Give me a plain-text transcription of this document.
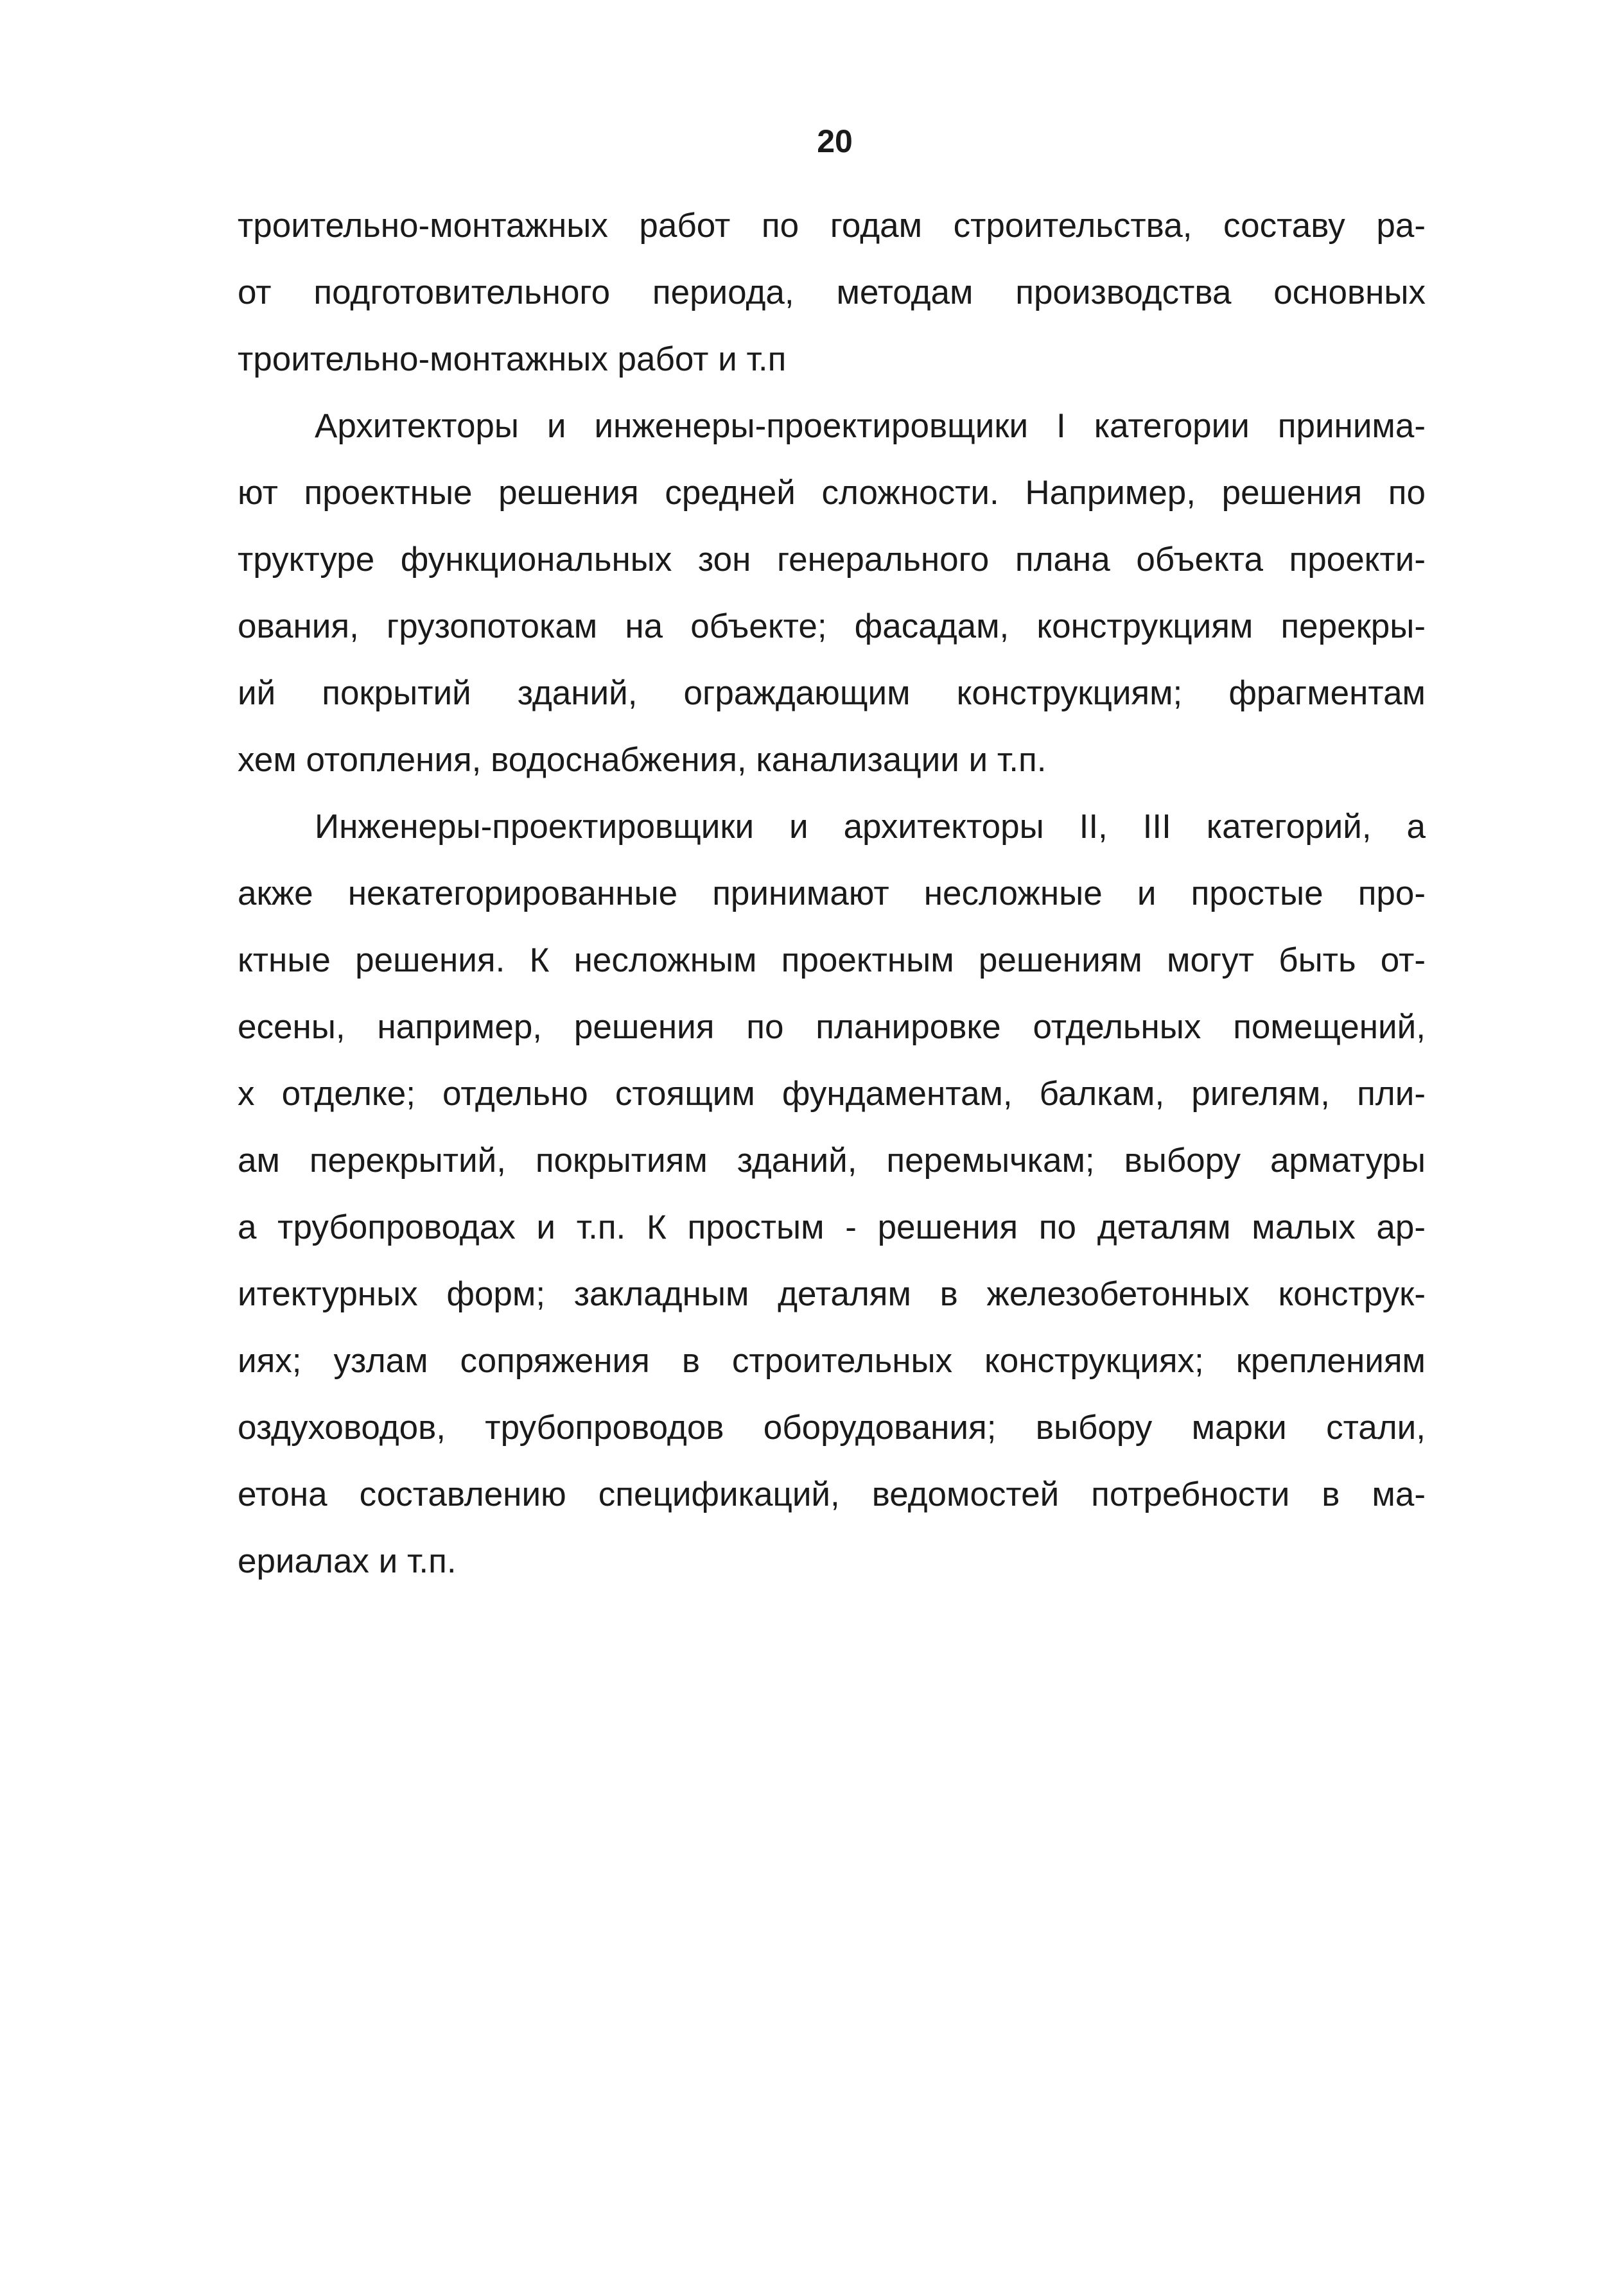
20
троительно-монтажных работ по годам строительства, составу ра-
от подготовительного периода, методам производства основных
троительно-монтажных работ и т.п
Архитекторы и инженеры-проектировщики I категории принима-
ют проектные решения средней сложности. Например, решения по
труктуре функциональных зон генерального плана объекта проекти-
ования, грузопотокам на объекте; фасадам, конструкциям перекры-
ий покрытий зданий, ограждающим конструкциям; фрагментам
хем отопления, водоснабжения, канализации и т.п.
Инженеры-проектировщики и архитекторы II, III категорий, а
акже некатегорированные принимают несложные и простые про-
ктные решения. К несложным проектным решениям могут быть от-
есены, например, решения по планировке отдельных помещений,
х отделке; отдельно стоящим фундаментам, балкам, ригелям, пли-
ам перекрытий, покрытиям зданий, перемычкам; выбору арматуры
а трубопроводах и т.п. К простым - решения по деталям малых ар-
итектурных форм; закладным деталям в железобетонных конструк-
иях; узлам сопряжения в строительных конструкциях; креплениям
оздуховодов, трубопроводов оборудования; выбору марки стали,
етона составлению спецификаций, ведомостей потребности в ма-
ериалах и т.п.
